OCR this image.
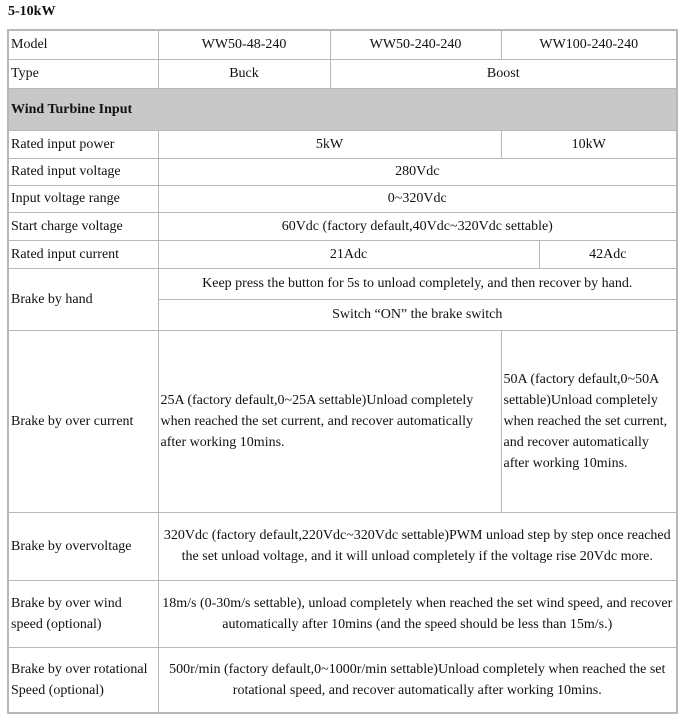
5-10kW
Model	WW50-48-240	WW50-240-240	WW100-240-240	
Type	Buck	Boost		
Wind Turbine Input				
Rated input power	5kW		10kW	
Rated input voltage	280Vdc			
Input voltage range	0~320Vdc			
Start charge voltage	60Vdc (factory default,40Vdc~320Vdc settable)			
Rated input current	21Adc			42Adc
Brake by hand	Keep press the button for 5s to unload completely, and then recover by hand.			
	Switch “ON” the brake switch			
Brake by over current	25A (factory default,0~25A settable)Unload completely when reached the set current, and recover automatically after working 10mins.		50A (factory default,0~50A settable)Unload completely when reached the set current, and recover automatically after working 10mins.	
Brake by overvoltage	320Vdc (factory default,220Vdc~320Vdc settable)PWM unload step by step once reached the set unload voltage, and it will unload completely if the voltage rise 20Vdc more.			
Brake by over wind speed (optional)	18m/s (0-30m/s settable), unload completely when reached the set wind speed, and recover automatically after 10mins (and the speed should be less than 15m/s.)			
Brake by over rotational Speed (optional)	500r/min (factory default,0~1000r/min settable)Unload completely when reached the set rotational speed, and recover automatically after working 10mins.			
